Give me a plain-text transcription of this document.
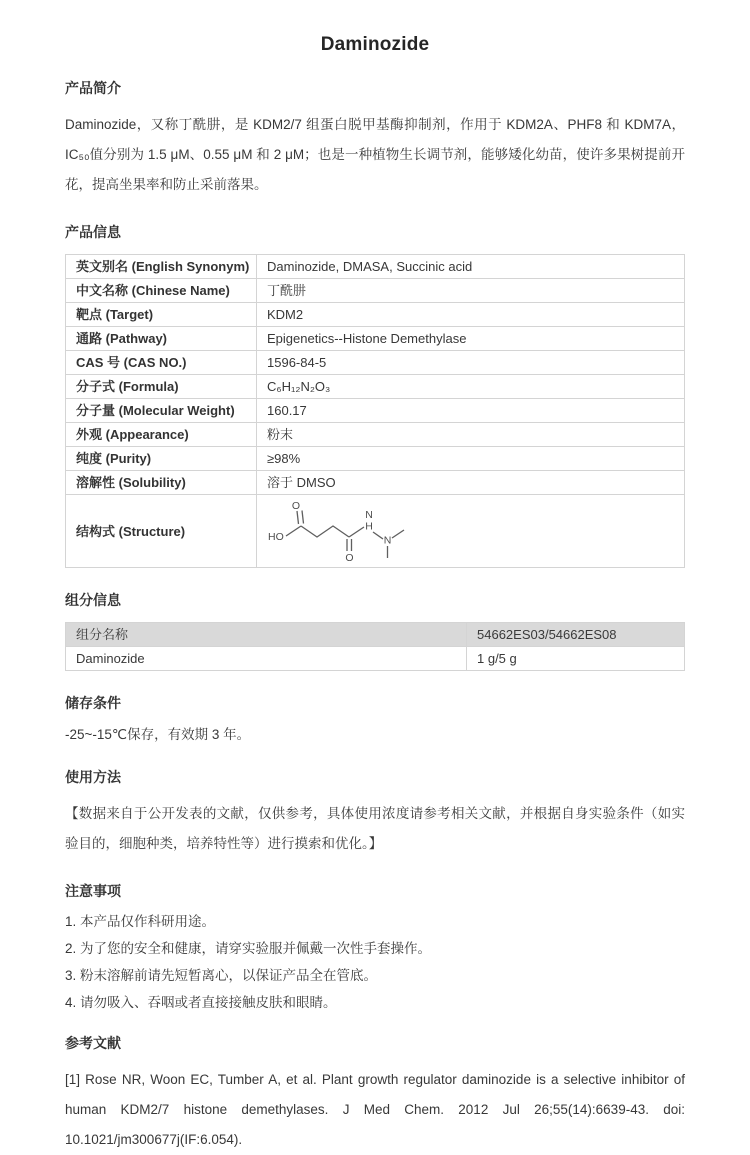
Daminozide
产品简介

Daminozide，又称丁酰肼，是 KDM2/7 组蛋白脱甲基酶抑制剂，作用于 KDM2A、PHF8 和 KDM7A，IC₅₀值分别为 1.5 μM、0.55 μM 和 2 μM；也是一种植物生长调节剂，能够矮化幼苗，使许多果树提前开花，提高坐果率和防止采前落果。

产品信息
英文别名 (English Synonym)	Daminozide, DMASA, Succinic acid
中文名称 (Chinese Name)	丁酰肼
靶点 (Target)	KDM2
通路 (Pathway)	Epigenetics--Histone Demethylase
CAS 号 (CAS NO.)	1596-84-5
分子式 (Formula)	C₆H₁₂N₂O₃
分子量 (Molecular Weight)	160.17
外观 (Appearance)	粉末
纯度 (Purity)	≥98%
溶解性 (Solubility)	溶于 DMSO
结构式 (Structure)	HO
O
O
H
N
N
组分信息
组分名称	54662ES03/54662ES08
Daminozide	1 g/5 g
储存条件

-25~-15℃保存，有效期 3 年。

使用方法

【数据来自于公开发表的文献，仅供参考，具体使用浓度请参考相关文献，并根据自身实验条件（如实验目的，细胞种类，培养特性等）进行摸索和优化。】

注意事项

1. 本产品仅作科研用途。

2. 为了您的安全和健康，请穿实验服并佩戴一次性手套操作。

3. 粉末溶解前请先短暂离心，以保证产品全在管底。

4. 请勿吸入、吞咽或者直接接触皮肤和眼睛。

参考文献

[1] Rose NR, Woon EC, Tumber A, et al. Plant growth regulator daminozide is a selective inhibitor of human KDM2/7 histone demethylases. J Med Chem. 2012 Jul 26;55(14):6639-43. doi: 10.1021/jm300677j(IF:6.054).
